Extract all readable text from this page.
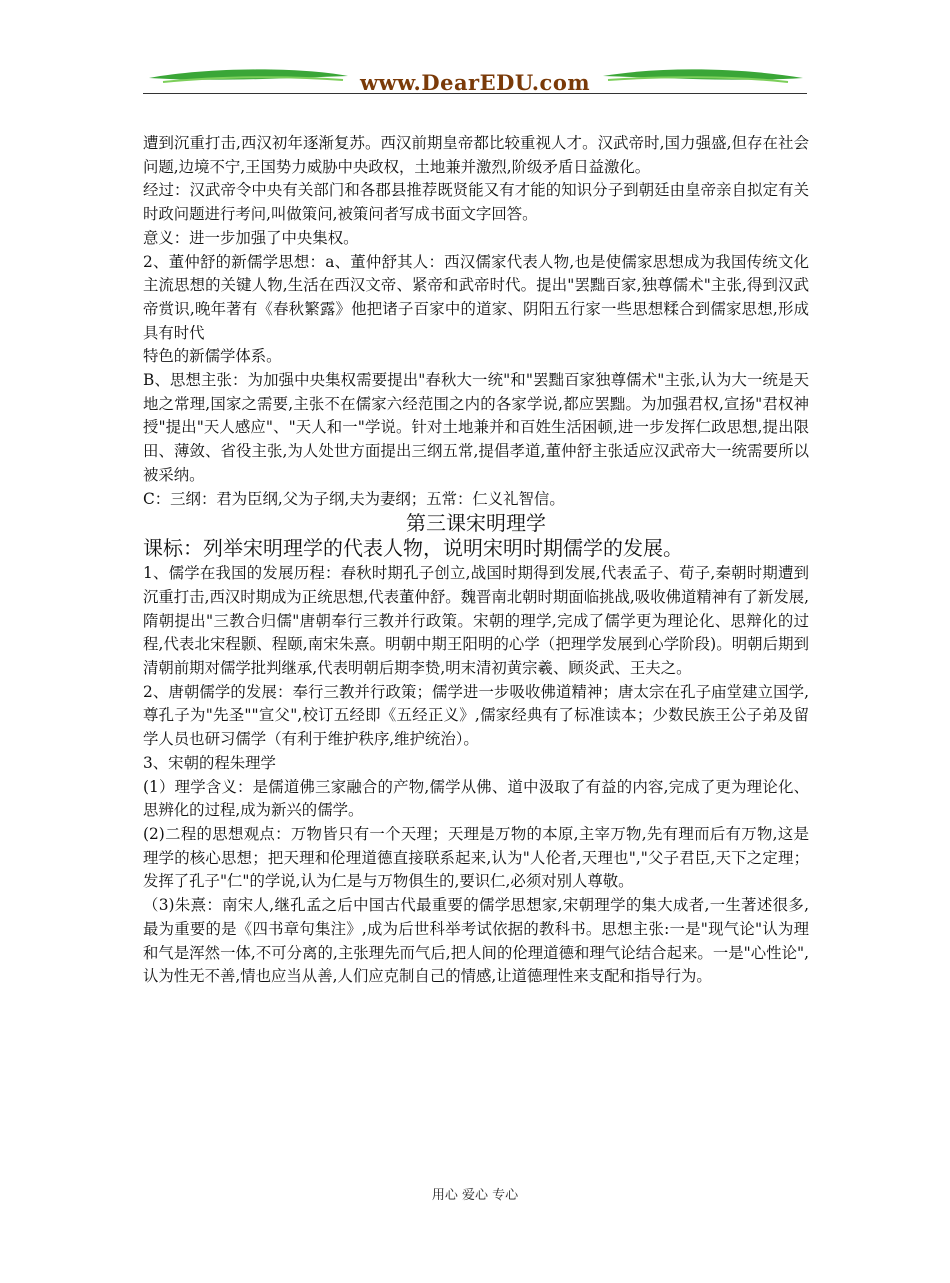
www.DearEDU.com

遭到沉重打击,西汉初年逐渐复苏。西汉前期皇帝都比较重视人才。汉武帝时,国力强盛,但存在社会问题,边境不宁,王国势力威胁中央政权，土地兼并激烈,阶级矛盾日益激化。

经过：汉武帝令中央有关部门和各郡县推荐既贤能又有才能的知识分子到朝廷由皇帝亲自拟定有关时政问题进行考问,叫做策问,被策问者写成书面文字回答。

意义：进一步加强了中央集权。

2、董仲舒的新儒学思想：a、董仲舒其人：西汉儒家代表人物,也是使儒家思想成为我国传统文化主流思想的关键人物,生活在西汉文帝、紧帝和武帝时代。提出"罢黜百家,独尊儒术"主张,得到汉武帝赏识,晚年著有《春秋繁露》他把诸子百家中的道家、阴阳五行家一些思想糅合到儒家思想,形成具有时代

特色的新儒学体系。

B、思想主张：为加强中央集权需要提出"春秋大一统"和"罢黜百家独尊儒术"主张,认为大一统是天地之常理,国家之需要,主张不在儒家六经范围之内的各家学说,都应罢黜。为加强君权,宣扬"君权神授"提出"天人感应"、"天人和一"学说。针对土地兼并和百姓生活困顿,进一步发挥仁政思想,提出限田、薄敛、省役主张,为人处世方面提出三纲五常,提倡孝道,董仲舒主张适应汉武帝大一统需要所以被采纳。

C：三纲：君为臣纲,父为子纲,夫为妻纲；五常：仁义礼智信。

第三课宋明理学

课标：列举宋明理学的代表人物，说明宋明时期儒学的发展。

1、儒学在我国的发展历程：春秋时期孔子创立,战国时期得到发展,代表孟子、荀子,秦朝时期遭到沉重打击,西汉时期成为正统思想,代表董仲舒。魏晋南北朝时期面临挑战,吸收佛道精神有了新发展,隋朝提出"三教合归儒"唐朝奉行三教并行政策。宋朝的理学,完成了儒学更为理论化、思辩化的过程,代表北宋程颢、程颐,南宋朱熹。明朝中期王阳明的心学（把理学发展到心学阶段)。明朝后期到清朝前期对儒学批判继承,代表明朝后期李贽,明末清初黄宗羲、顾炎武、王夫之。

2、唐朝儒学的发展：奉行三教并行政策；儒学进一步吸收佛道精神；唐太宗在孔子庙堂建立国学,尊孔子为"先圣""宣父",校订五经即《五经正义》,儒家经典有了标准读本；少数民族王公子弟及留学人员也研习儒学（有利于维护秩序,维护统治）。

3、宋朝的程朱理学

(1）理学含义：是儒道佛三家融合的产物,儒学从佛、道中汲取了有益的内容,完成了更为理论化、思辨化的过程,成为新兴的儒学。

(2)二程的思想观点：万物皆只有一个天理；天理是万物的本原,主宰万物,先有理而后有万物,这是理学的核心思想；把天理和伦理道德直接联系起来,认为"人伦者,天理也","父子君臣,天下之定理；发挥了孔子"仁"的学说,认为仁是与万物俱生的,要识仁,必须对别人尊敬。

（3)朱熹：南宋人,继孔孟之后中国古代最重要的儒学思想家,宋朝理学的集大成者,一生著述很多,最为重要的是《四书章句集注》,成为后世科举考试依据的教科书。思想主张:一是"现气论"认为理和气是浑然一体,不可分离的,主张理先而气后,把人间的伦理道德和理气论结合起来。一是"心性论",认为性无不善,情也应当从善,人们应克制自己的情感,让道德理性来支配和指导行为。

用心 爱心 专心
